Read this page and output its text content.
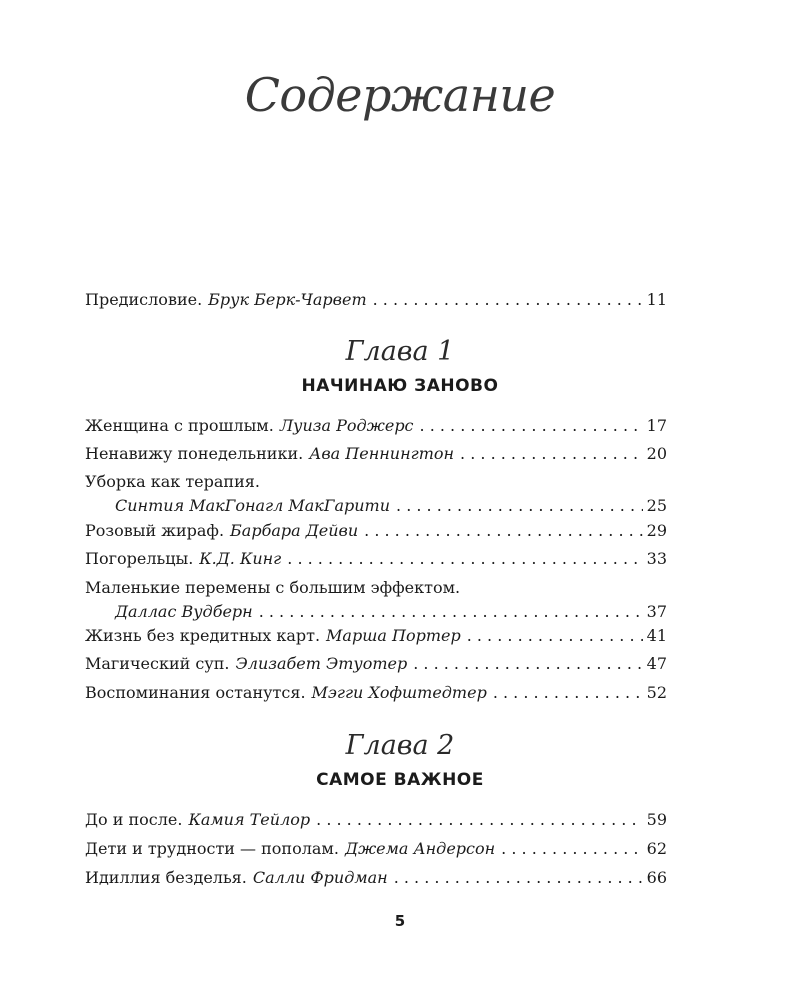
Содержание
Предисловие. Брук Берк-Чарвет . . .	11
Глава 1
НАЧИНАЮ ЗАНОВО
Женщина с прошлым. Луиза Роджерс . . .	17
Ненавижу понедельники. Ава Пеннингтон . . .	20
Уборка как терапия.
Синтия МакГонагл МакГарити . . .	25
Розовый жираф. Барбара Дейви . . .	29
Погорельцы. К.Д. Кинг . . .	33
Маленькие перемены с большим эффектом.
Даллас Вудберн . . .	37
Жизнь без кредитных карт. Марша Портер . . .	41
Магический суп. Элизабет Этуотер . . .	47
Воспоминания останутся. Мэгги Хофштедтер . . .	52
Глава 2
САМОЕ ВАЖНОЕ
До и после. Камия Тейлор . . .	59
Дети и трудности — пополам. Джема Андерсон . . .	62
Идиллия безделья. Салли Фридман . . .	66
5
